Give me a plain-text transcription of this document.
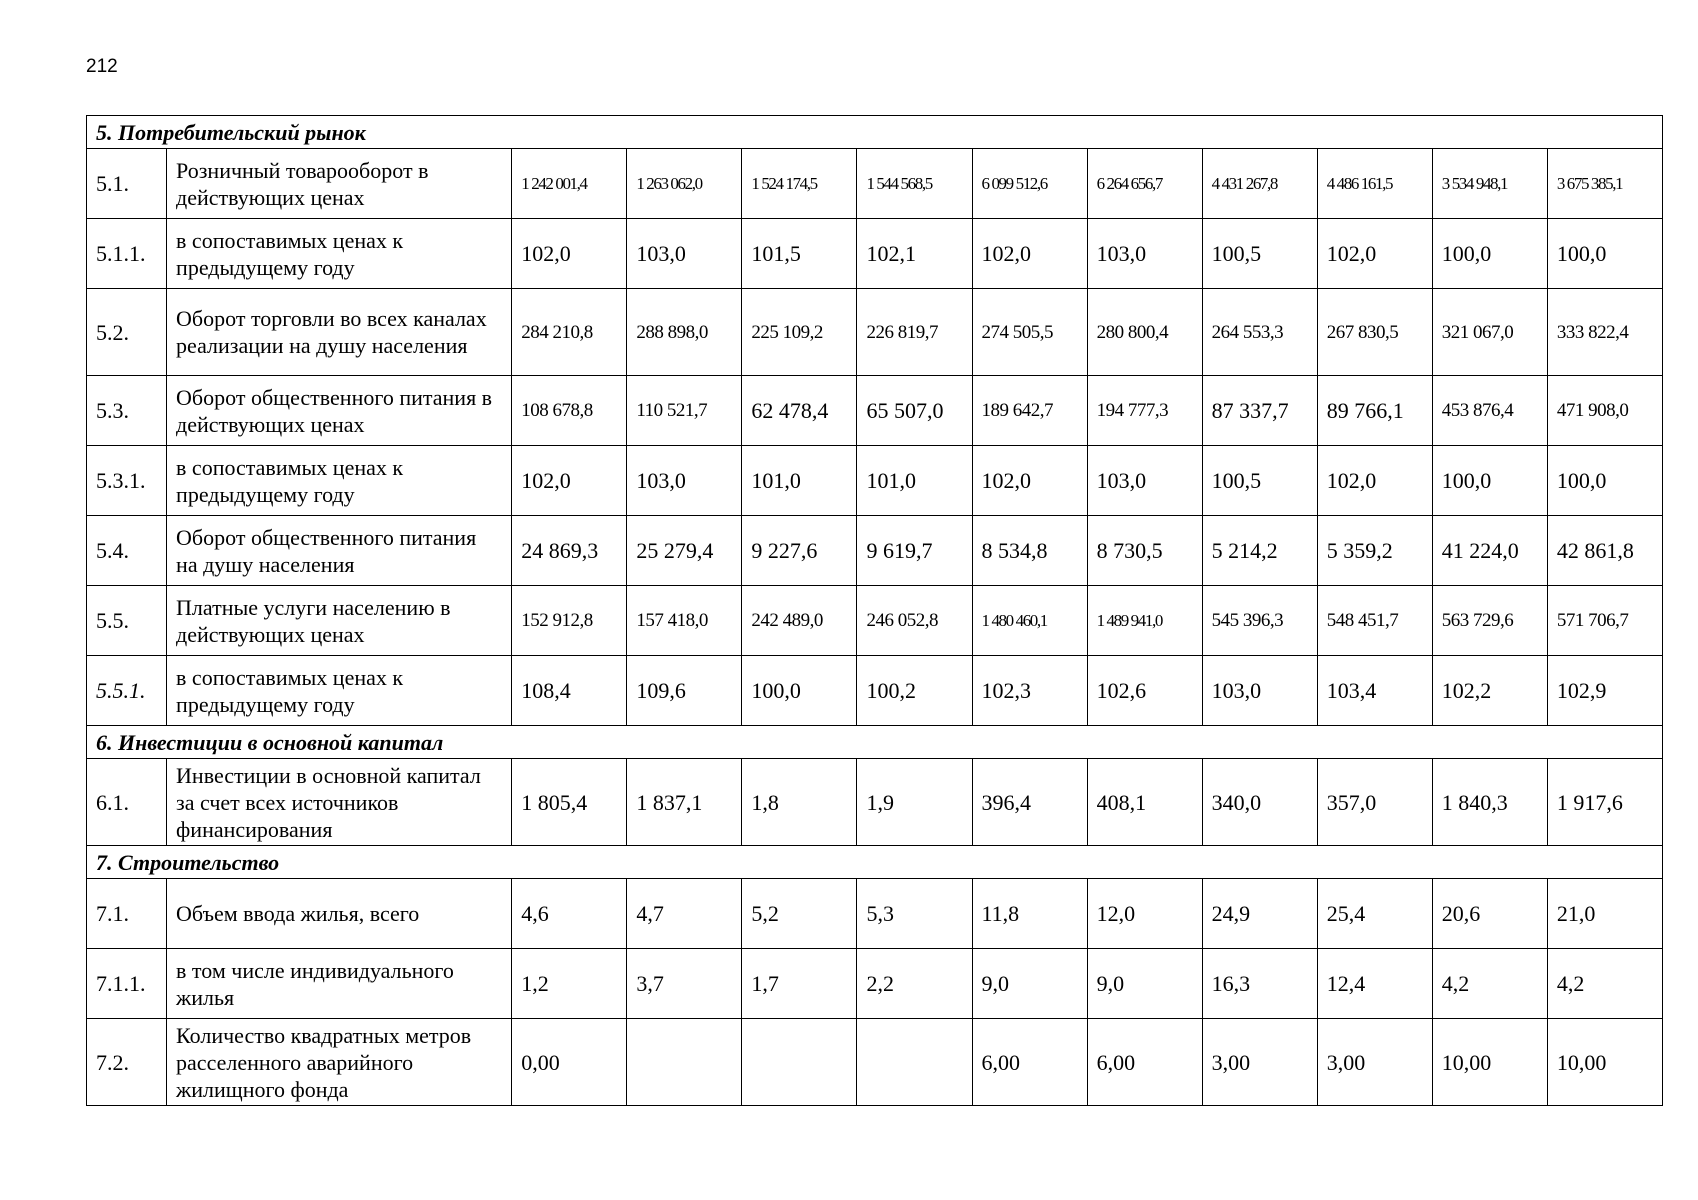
212
5. Потребительский рынок											
5.1.	Розничный товарооборот в действующих ценах	1 242 001,4	1 263 062,0	1 524 174,5	1 544 568,5	6 099 512,6	6 264 656,7	4 431 267,8	4 486 161,5	3 534 948,1	3 675 385,1
5.1.1.	в сопоставимых ценах к предыдущему году	102,0	103,0	101,5	102,1	102,0	103,0	100,5	102,0	100,0	100,0
5.2.	Оборот торговли во всех каналах реализации на душу населения	284 210,8	288 898,0	225 109,2	226 819,7	274 505,5	280 800,4	264 553,3	267 830,5	321 067,0	333 822,4
5.3.	Оборот общественного питания в действующих ценах	108 678,8	110 521,7	62 478,4	65 507,0	189 642,7	194 777,3	87 337,7	89 766,1	453 876,4	471 908,0
5.3.1.	в сопоставимых ценах к предыдущему году	102,0	103,0	101,0	101,0	102,0	103,0	100,5	102,0	100,0	100,0
5.4.	Оборот общественного питания на душу населения	24 869,3	25 279,4	9 227,6	9 619,7	8 534,8	8 730,5	5 214,2	5 359,2	41 224,0	42 861,8
5.5.	Платные услуги населению в действующих ценах	152 912,8	157 418,0	242 489,0	246 052,8	1 480 460,1	1 489 941,0	545 396,3	548 451,7	563 729,6	571 706,7
5.5.1.	в сопоставимых ценах к предыдущему году	108,4	109,6	100,0	100,2	102,3	102,6	103,0	103,4	102,2	102,9
6. Инвестиции в основной капитал											
6.1.	Инвестиции в основной капитал за счет всех источников финансирования	1 805,4	1 837,1	1,8	1,9	396,4	408,1	340,0	357,0	1 840,3	1 917,6
7. Строительство											
7.1.	Объем ввода жилья, всего	4,6	4,7	5,2	5,3	11,8	12,0	24,9	25,4	20,6	21,0
7.1.1.	в том числе индивидуального жилья	1,2	3,7	1,7	2,2	9,0	9,0	16,3	12,4	4,2	4,2
7.2.	Количество квадратных метров расселенного аварийного жилищного фонда	0,00				6,00	6,00	3,00	3,00	10,00	10,00
